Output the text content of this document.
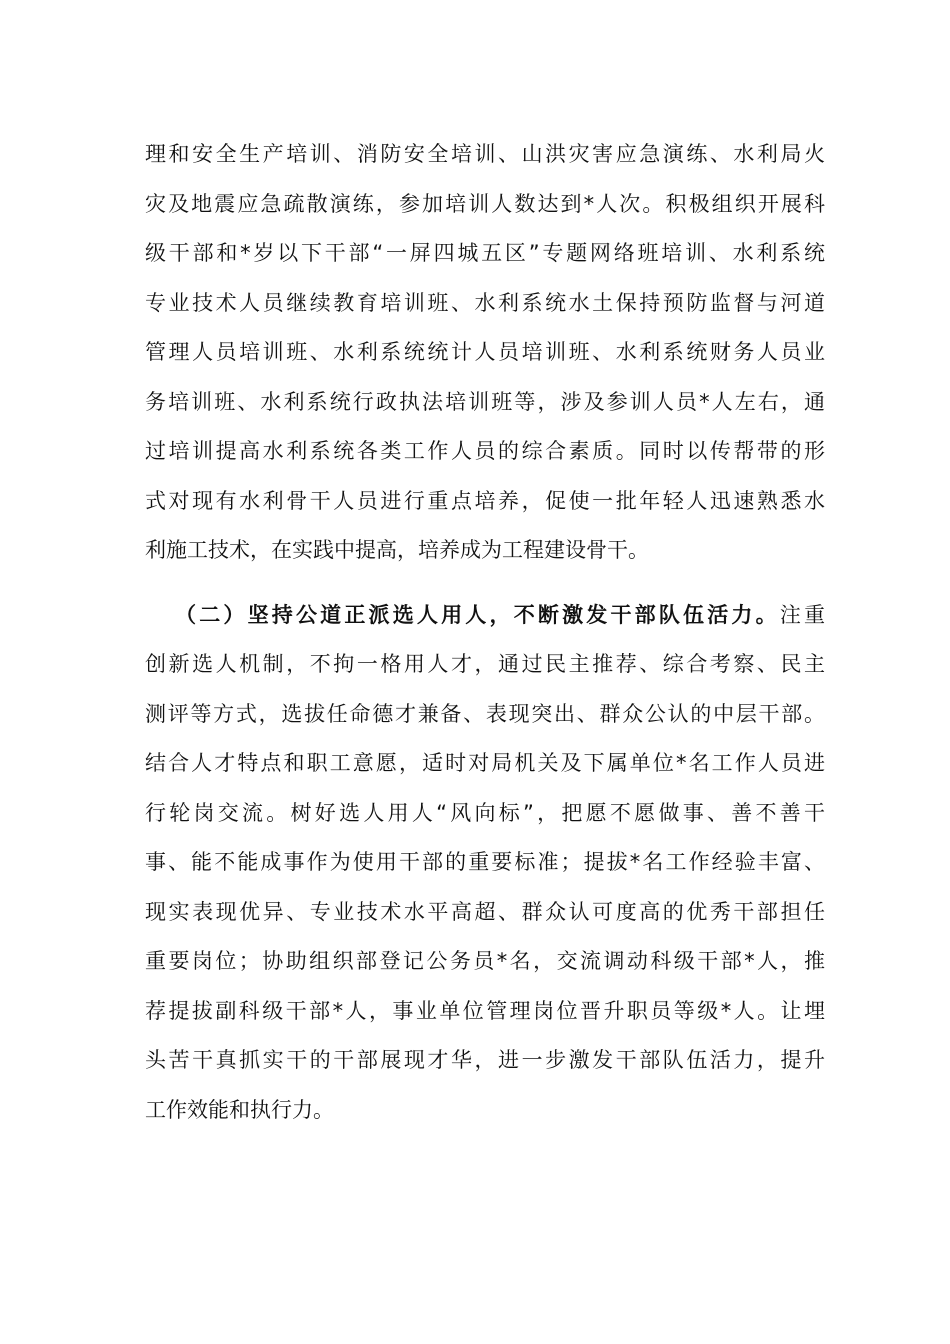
理和安全生产培训、消防安全培训、山洪灾害应急演练、水利局火
灾及地震应急疏散演练，参加培训人数达到*人次。积极组织开展科
级干部和*岁以下干部“一屏四城五区”专题网络班培训、水利系统
专业技术人员继续教育培训班、水利系统水土保持预防监督与河道
管理人员培训班、水利系统统计人员培训班、水利系统财务人员业
务培训班、水利系统行政执法培训班等，涉及参训人员*人左右，通
过培训提高水利系统各类工作人员的综合素质。同时以传帮带的形
式对现有水利骨干人员进行重点培养，促使一批年轻人迅速熟悉水
利施工技术，在实践中提高，培养成为工程建设骨干。
（二）坚持公道正派选人用人，不断激发干部队伍活力。注重
创新选人机制，不拘一格用人才，通过民主推荐、综合考察、民主
测评等方式，选拔任命德才兼备、表现突出、群众公认的中层干部。
结合人才特点和职工意愿，适时对局机关及下属单位*名工作人员进
行轮岗交流。树好选人用人“风向标”，把愿不愿做事、善不善干
事、能不能成事作为使用干部的重要标准；提拔*名工作经验丰富、
现实表现优异、专业技术水平高超、群众认可度高的优秀干部担任
重要岗位；协助组织部登记公务员*名，交流调动科级干部*人，推
荐提拔副科级干部*人，事业单位管理岗位晋升职员等级*人。让埋
头苦干真抓实干的干部展现才华，进一步激发干部队伍活力，提升
工作效能和执行力。
